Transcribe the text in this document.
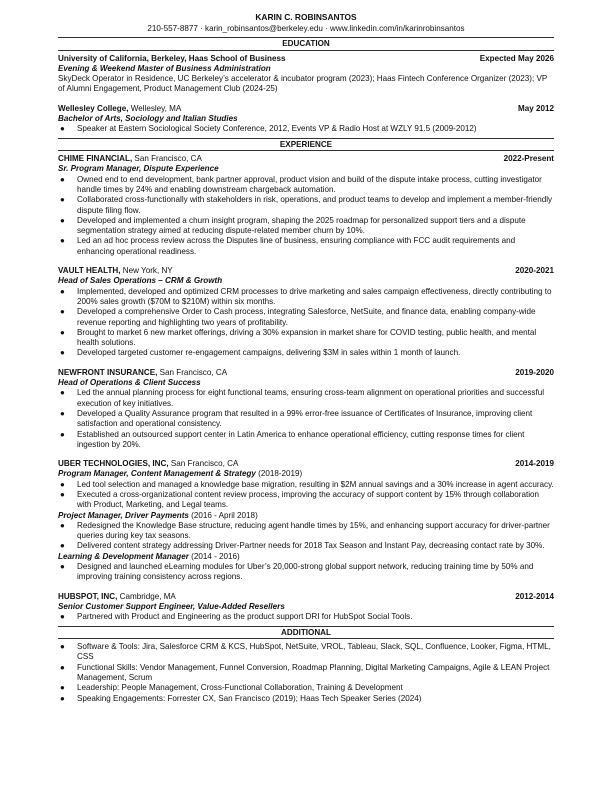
KARIN C. ROBINSANTOS
210-557-8877 · karin_robinsantos@berkeley.edu · www.linkedin.com/in/karinrobinsantos
EDUCATION
University of California, Berkeley, Haas School of Business	Expected May 2026
Evening & Weekend Master of Business Administration
SkyDeck Operator in Residence, UC Berkeley’s accelerator & incubator program (2023); Haas Fintech Conference Organizer (2023); VP of Alumni Engagement, Product Management Club (2024-25)
Wellesley College, Wellesley, MA	May 2012
Bachelor of Arts, Sociology and Italian Studies
● Speaker at Eastern Sociological Society Conference, 2012, Events VP & Radio Host at WZLY 91.5 (2009-2012)
EXPERIENCE
CHIME FINANCIAL, San Francisco, CA	2022-Present
Sr. Program Manager, Dispute Experience
● Owned end to end development, bank partner approval, product vision and build of the dispute intake process, cutting investigator handle times by 24% and enabling downstream chargeback automation.
● Collaborated cross-functionally with stakeholders in risk, operations, and product teams to develop and implement a member-friendly dispute filing flow.
● Developed and implemented a churn insight program, shaping the 2025 roadmap for personalized support tiers and a dispute segmentation strategy aimed at reducing dispute-related member churn by 10%.
● Led an ad hoc process review across the Disputes line of business, ensuring compliance with FCC audit requirements and enhancing operational readiness.
VAULT HEALTH, New York, NY	2020-2021
Head of Sales Operations – CRM & Growth
● Implemented, developed and optimized CRM processes to drive marketing and sales campaign effectiveness, directly contributing to 200% sales growth ($70M to $210M) within six months.
● Developed a comprehensive Order to Cash process, integrating Salesforce, NetSuite, and finance data, enabling company-wide revenue reporting and highlighting two years of profitability.
● Brought to market 6 new market offerings, driving a 30% expansion in market share for COVID testing, public health, and mental health solutions.
● Developed targeted customer re-engagement campaigns, delivering $3M in sales within 1 month of launch.
NEWFRONT INSURANCE, San Francisco, CA	2019-2020
Head of Operations & Client Success
● Led the annual planning process for eight functional teams, ensuring cross-team alignment on operational priorities and successful execution of key initiatives.
● Developed a Quality Assurance program that resulted in a 99% error-free issuance of Certificates of Insurance, improving client satisfaction and operational consistency.
● Established an outsourced support center in Latin America to enhance operational efficiency, cutting response times for client ingestion by 20%.
UBER TECHNOLOGIES, INC, San Francisco, CA	2014-2019
Program Manager, Content Management & Strategy (2018-2019)
● Led tool selection and managed a knowledge base migration, resulting in $2M annual savings and a 30% increase in agent accuracy.
● Executed a cross-organizational content review process, improving the accuracy of support content by 15% through collaboration with Product, Marketing, and Legal teams.
Project Manager, Driver Payments (2016 - April 2018)
● Redesigned the Knowledge Base structure, reducing agent handle times by 15%, and enhancing support accuracy for driver-partner queries during key tax seasons.
● Delivered content strategy addressing Driver-Partner needs for 2018 Tax Season and Instant Pay, decreasing contact rate by 30%.
Learning & Development Manager (2014 - 2016)
● Designed and launched eLearning modules for Uber’s 20,000-strong global support network, reducing training time by 50% and improving training consistency across regions.
HUBSPOT, INC, Cambridge, MA	2012-2014
Senior Customer Support Engineer, Value-Added Resellers
● Partnered with Product and Engineering as the product support DRI for HubSpot Social Tools.
ADDITIONAL
● Software & Tools: Jira, Salesforce CRM & KCS, HubSpot, NetSuite, VROL, Tableau, Slack, SQL, Confluence, Looker, Figma, HTML, CSS
● Functional Skills: Vendor Management, Funnel Conversion, Roadmap Planning, Digital Marketing Campaigns, Agile & LEAN Project Management, Scrum
● Leadership: People Management, Cross-Functional Collaboration, Training & Development
● Speaking Engagements: Forrester CX, San Francisco (2019); Haas Tech Speaker Series (2024)
